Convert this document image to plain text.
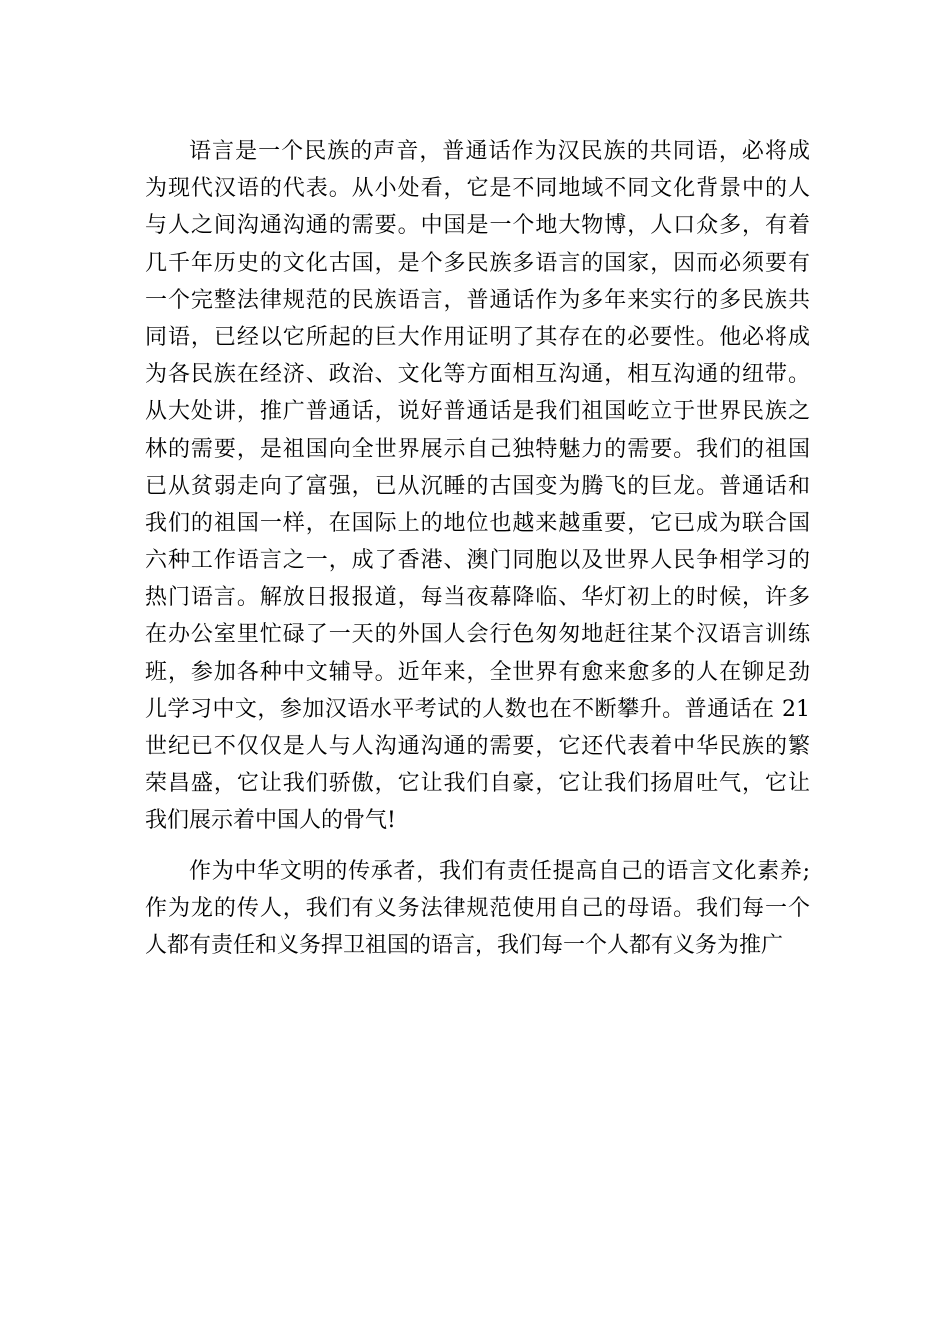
语言是一个民族的声音，普通话作为汉民族的共同语，必将成
为现代汉语的代表。从小处看，它是不同地域不同文化背景中的人
与人之间沟通沟通的需要。中国是一个地大物博，人口众多，有着
几千年历史的文化古国，是个多民族多语言的国家，因而必须要有
一个完整法律规范的民族语言，普通话作为多年来实行的多民族共
同语，已经以它所起的巨大作用证明了其存在的必要性。他必将成
为各民族在经济、政治、文化等方面相互沟通，相互沟通的纽带。
从大处讲，推广普通话，说好普通话是我们祖国屹立于世界民族之
林的需要，是祖国向全世界展示自己独特魅力的需要。我们的祖国
已从贫弱走向了富强，已从沉睡的古国变为腾飞的巨龙。普通话和
我们的祖国一样，在国际上的地位也越来越重要，它已成为联合国
六种工作语言之一，成了香港、澳门同胞以及世界人民争相学习的
热门语言。解放日报报道，每当夜幕降临、华灯初上的时候，许多
在办公室里忙碌了一天的外国人会行色匆匆地赶往某个汉语言训练
班，参加各种中文辅导。近年来，全世界有愈来愈多的人在铆足劲
儿学习中文，参加汉语水平考试的人数也在不断攀升。普通话在 21
世纪已不仅仅是人与人沟通沟通的需要，它还代表着中华民族的繁
荣昌盛，它让我们骄傲，它让我们自豪，它让我们扬眉吐气，它让
我们展示着中国人的骨气!
作为中华文明的传承者，我们有责任提高自己的语言文化素养;
作为龙的传人，我们有义务法律规范使用自己的母语。我们每一个
人都有责任和义务捍卫祖国的语言，我们每一个人都有义务为推广
